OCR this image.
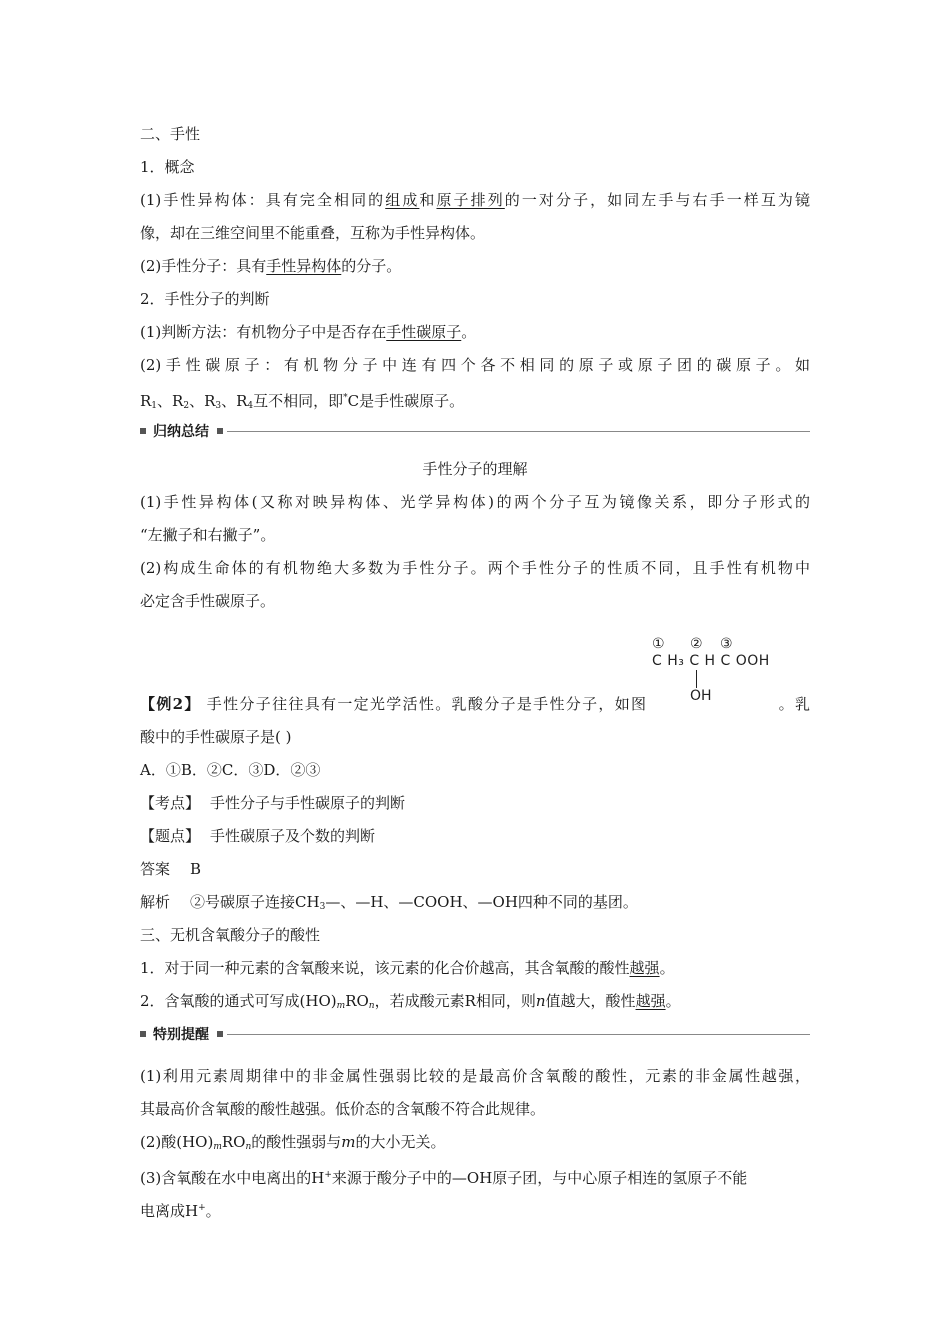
二、手性
1．概念
(1)手性异构体：具有完全相同的组成和原子排列的一对分子，如同左手与右手一样互为镜
像，却在三维空间里不能重叠，互称为手性异构体。
(2)手性分子：具有手性异构体的分子。
2．手性分子的判断
(1)判断方法：有机物分子中是否存在手性碳原子。
(2)手性碳原子：有机物分子中连有四个各不相同的原子或原子团的碳原子。如
R1、R2、R3、R4互不相同，即*C是手性碳原子。
归纳总结
手性分子的理解
(1)手性异构体(又称对映异构体、光学异构体)的两个分子互为镜像关系，即分子形式的
“左撇子和右撇子”。
(2)构成生命体的有机物绝大多数为手性分子。两个手性分子的性质不同，且手性有机物中
必定含手性碳原子。
【例2】 手性分子往往具有一定光学活性。乳酸分子是手性分子，如图	。乳
酸中的手性碳原子是( )
A．①B．②C．③D．②③
【考点】 手性分子与手性碳原子的判断
【题点】 手性碳原子及个数的判断
答案 B
解析 ②号碳原子连接CH3—、—H、—COOH、—OH四种不同的基团。
三、无机含氧酸分子的酸性
1．对于同一种元素的含氧酸来说，该元素的化合价越高，其含氧酸的酸性越强。
2．含氧酸的通式可写成(HO)mROn，若成酸元素R相同，则n值越大，酸性越强。
特别提醒
(1)利用元素周期律中的非金属性强弱比较的是最高价含氧酸的酸性，元素的非金属性越强，
其最高价含氧酸的酸性越强。低价态的含氧酸不符合此规律。
(2)酸(HO)mROn的酸性强弱与m的大小无关。
(3)含氧酸在水中电离出的H+来源于酸分子中的—OH原子团，与中心原子相连的氢原子不能
电离成H+。
① ② ③
C H₃ C H C OOH
OH
